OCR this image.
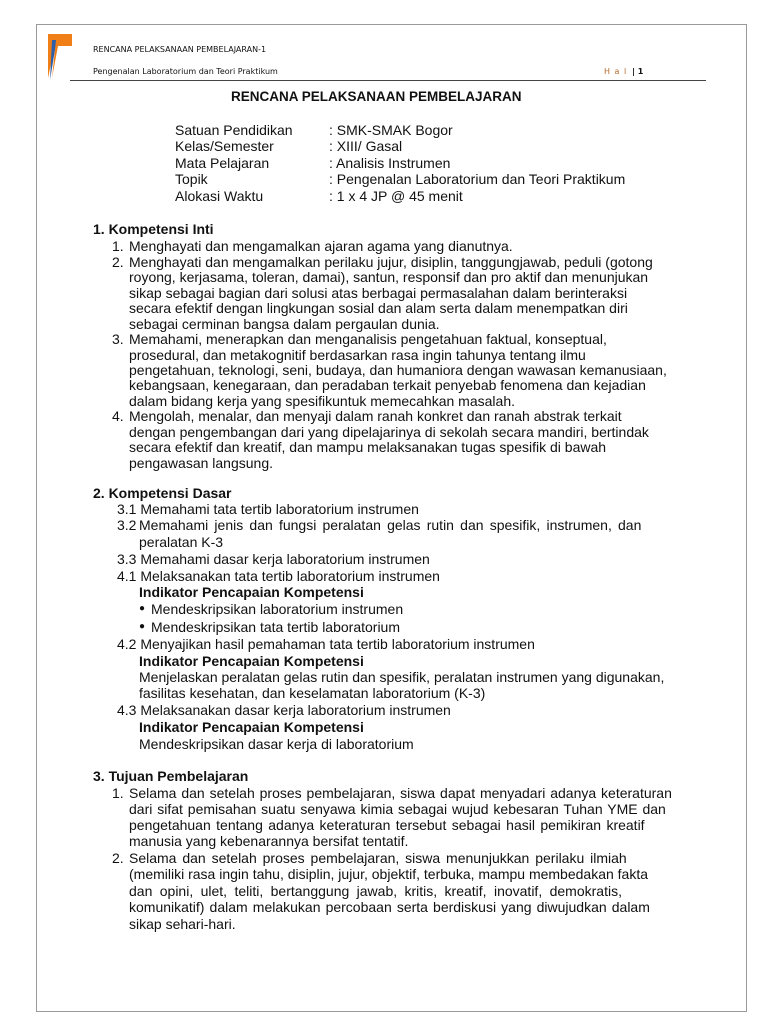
RENCANA PELAKSANAAN PEMBELAJARAN-1
Pengenalan Laboratorium dan Teori Praktikum	H a l | 1
RENCANA PELAKSANAAN PEMBELAJARAN
Satuan Pendidikan	: SMK-SMAK Bogor
Kelas/Semester	: XIII/ Gasal
Mata Pelajaran	: Analisis Instrumen
Topik	: Pengenalan Laboratorium dan Teori Praktikum
Alokasi Waktu	: 1 x 4 JP @ 45 menit
1. Kompetensi Inti
1. Menghayati dan mengamalkan ajaran agama yang dianutnya.
2. Menghayati dan mengamalkan perilaku jujur, disiplin, tanggungjawab, peduli (gotong
royong, kerjasama, toleran, damai), santun, responsif dan pro aktif dan menunjukan
sikap sebagai bagian dari solusi atas berbagai permasalahan dalam berinteraksi
secara efektif dengan lingkungan sosial dan alam serta dalam menempatkan diri
sebagai cerminan bangsa dalam pergaulan dunia.
3. Memahami, menerapkan dan menganalisis pengetahuan faktual, konseptual,
prosedural, dan metakognitif berdasarkan rasa ingin tahunya tentang ilmu
pengetahuan, teknologi, seni, budaya, dan humaniora dengan wawasan kemanusiaan,
kebangsaan, kenegaraan, dan peradaban terkait penyebab fenomena dan kejadian
dalam bidang kerja yang spesifikuntuk memecahkan masalah.
4. Mengolah, menalar, dan menyaji dalam ranah konkret dan ranah abstrak terkait
dengan pengembangan dari yang dipelajarinya di sekolah secara mandiri, bertindak
secara efektif dan kreatif, dan mampu melaksanakan tugas spesifik di bawah
pengawasan langsung.
2. Kompetensi Dasar
3.1 Memahami tata tertib laboratorium instrumen
3.2 Memahami jenis dan fungsi peralatan gelas rutin dan spesifik, instrumen, dan
peralatan K-3
3.3 Memahami dasar kerja laboratorium instrumen
4.1 Melaksanakan tata tertib laboratorium instrumen
Indikator Pencapaian Kompetensi
● Mendeskripsikan laboratorium instrumen
● Mendeskripsikan tata tertib laboratorium
4.2 Menyajikan hasil pemahaman tata tertib laboratorium instrumen
Indikator Pencapaian Kompetensi
Menjelaskan peralatan gelas rutin dan spesifik, peralatan instrumen yang digunakan,
fasilitas kesehatan, dan keselamatan laboratorium (K-3)
4.3 Melaksanakan dasar kerja laboratorium instrumen
Indikator Pencapaian Kompetensi
Mendeskripsikan dasar kerja di laboratorium
3. Tujuan Pembelajaran
1. Selama dan setelah proses pembelajaran, siswa dapat menyadari adanya keteraturan
dari sifat pemisahan suatu senyawa kimia sebagai wujud kebesaran Tuhan YME dan
pengetahuan tentang adanya keteraturan tersebut sebagai hasil pemikiran kreatif
manusia yang kebenarannya bersifat tentatif.
2. Selama dan setelah proses pembelajaran, siswa menunjukkan perilaku ilmiah
(memiliki rasa ingin tahu, disiplin, jujur, objektif, terbuka, mampu membedakan fakta
dan opini, ulet, teliti, bertanggung jawab, kritis, kreatif, inovatif, demokratis,
komunikatif) dalam melakukan percobaan serta berdiskusi yang diwujudkan dalam
sikap sehari-hari.
